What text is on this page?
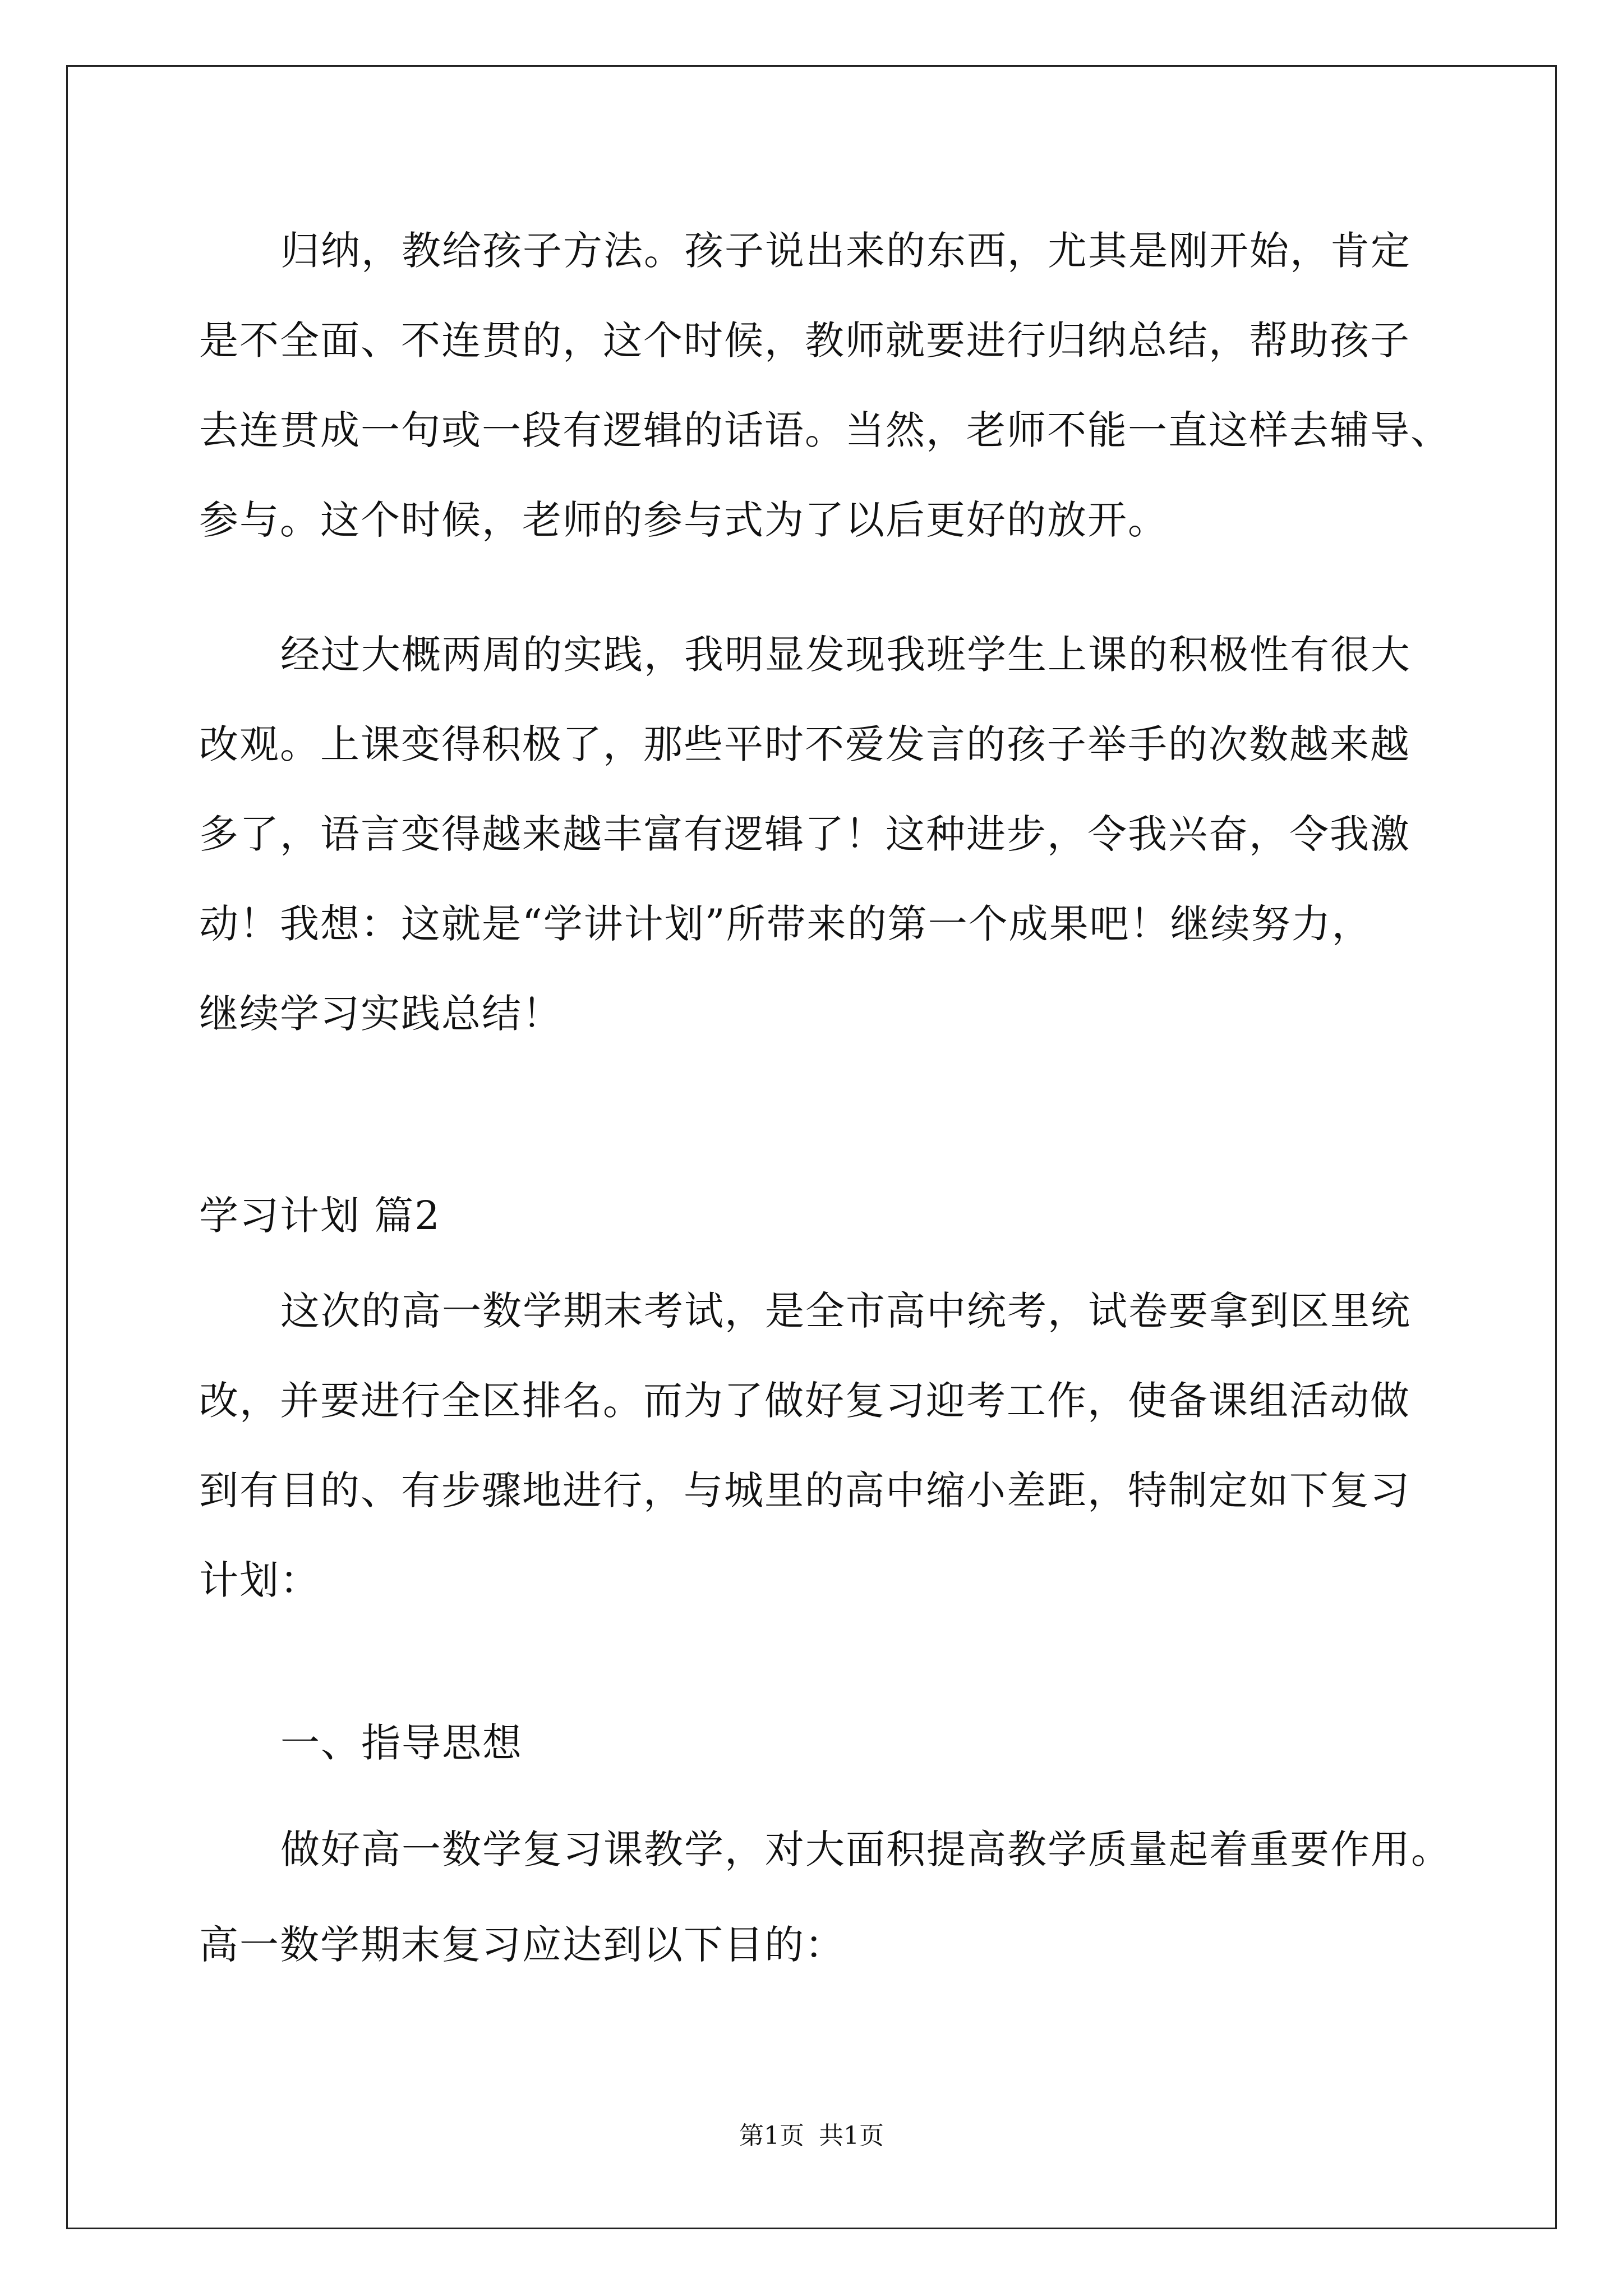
归纳，教给孩子方法。孩子说出来的东西，尤其是刚开始，肯定
是不全面、不连贯的，这个时候，教师就要进行归纳总结，帮助孩子
去连贯成一句或一段有逻辑的话语。当然，老师不能一直这样去辅导、
参与。这个时候，老师的参与式为了以后更好的放开。
经过大概两周的实践，我明显发现我班学生上课的积极性有很大
改观。上课变得积极了，那些平时不爱发言的孩子举手的次数越来越
多了，语言变得越来越丰富有逻辑了！这种进步，令我兴奋，令我激
动！我想：这就是“学讲计划”所带来的第一个成果吧！继续努力，
继续学习实践总结！
学习计划 篇2
这次的高一数学期末考试，是全市高中统考，试卷要拿到区里统
改，并要进行全区排名。而为了做好复习迎考工作，使备课组活动做
到有目的、有步骤地进行，与城里的高中缩小差距，特制定如下复习
计划：
一、指导思想
做好高一数学复习课教学，对大面积提高教学质量起着重要作用。
高一数学期末复习应达到以下目的：
第1页 共1页
